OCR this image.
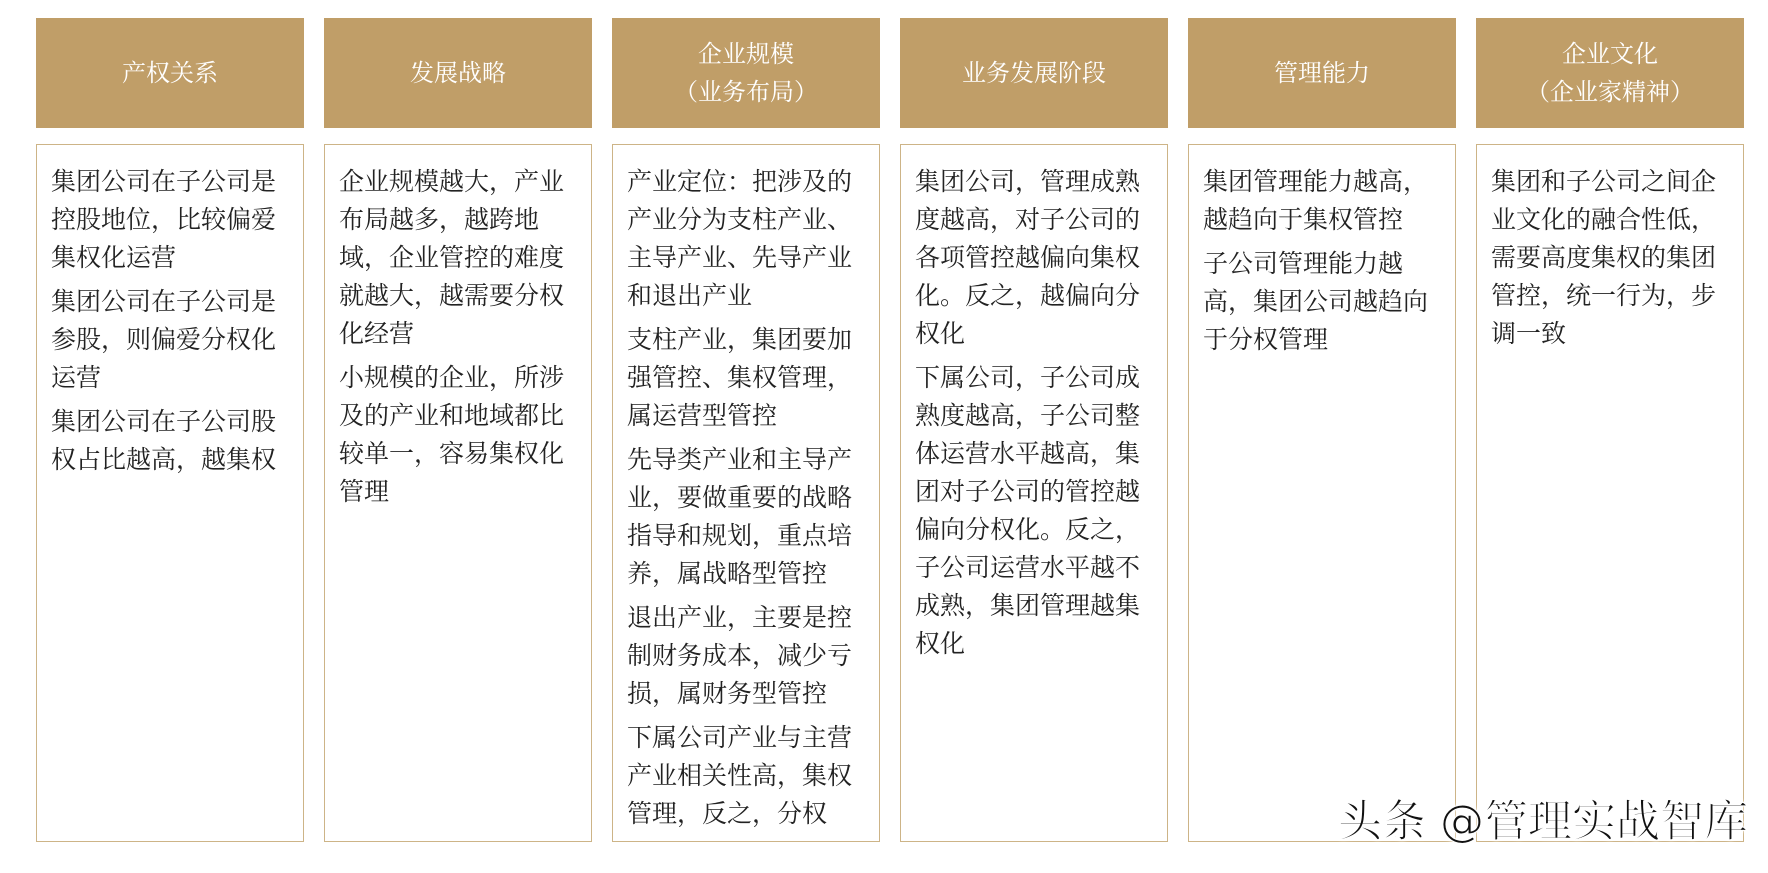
产权关系

集团公司在子公司是控股地位，比较偏爱集权化运营

集团公司在子公司是参股，则偏爱分权化运营

集团公司在子公司股权占比越高，越集权

发展战略

企业规模越大，产业布局越多，越跨地域，企业管控的难度就越大，越需要分权化经营

小规模的企业，所涉及的产业和地域都比较单一，容易集权化管理

企业规模
（业务布局）

产业定位：把涉及的产业分为支柱产业、主导产业、先导产业和退出产业

支柱产业，集团要加强管控、集权管理，属运营型管控

先导类产业和主导产业，要做重要的战略指导和规划，重点培养，属战略型管控

退出产业，主要是控制财务成本，减少亏损，属财务型管控

下属公司产业与主营产业相关性高，集权管理，反之，分权

业务发展阶段

集团公司，管理成熟度越高，对子公司的各项管控越偏向集权化。反之，越偏向分权化

下属公司，子公司成熟度越高，子公司整体运营水平越高，集团对子公司的管控越偏向分权化。反之，子公司运营水平越不成熟，集团管理越集权化

管理能力

集团管理能力越高，越趋向于集权管控

子公司管理能力越高，集团公司越趋向于分权管理

企业文化
（企业家精神）

集团和子公司之间企业文化的融合性低，需要高度集权的集团管控，统一行为，步调一致

头条 @管理实战智库
